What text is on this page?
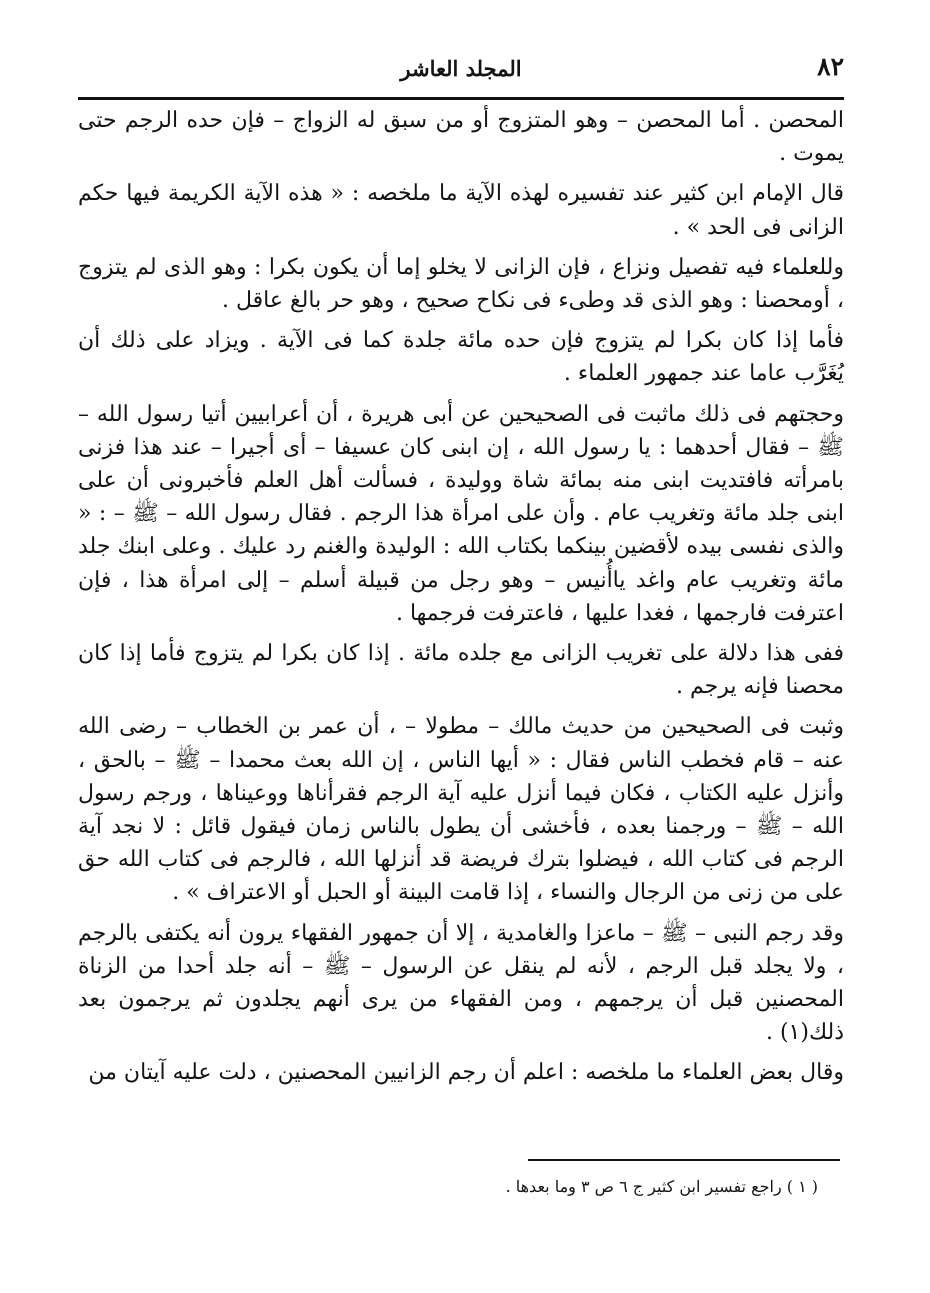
٨٢
المجلد العاشر

المحصن . أما المحصن – وهو المتزوج أو من سبق له الزواج – فإن حده الرجم حتى يموت .

قال الإمام ابن كثير عند تفسيره لهذه الآية ما ملخصه : « هذه الآية الكريمة فيها حكم الزانى فى الحد » .

وللعلماء فيه تفصيل ونزاع ، فإن الزانى لا يخلو إما أن يكون بكرا : وهو الذى لم يتزوج ، أومحصنا : وهو الذى قد وطىء فى نكاح صحيح ، وهو حر بالغ عاقل .

فأما إذا كان بكرا لم يتزوج فإن حده مائة جلدة كما فى الآية . ويزاد على ذلك أن يُغَرَّب عاما عند جمهور العلماء .

وحجتهم فى ذلك ماثبت فى الصحيحين عن أبى هريرة ، أن أعرابيين أتيا رسول الله – ﷺ – فقال أحدهما : يا رسول الله ، إن ابنى كان عسيفا – أى أجيرا – عند هذا فزنى بامرأته فافتديت ابنى منه بمائة شاة ووليدة ، فسألت أهل العلم فأخبرونى أن على ابنى جلد مائة وتغريب عام . وأن على امرأة هذا الرجم . فقال رسول الله – ﷺ – : « والذى نفسى بيده لأقضين بينكما بكتاب الله : الوليدة والغنم رد عليك . وعلى ابنك جلد مائة وتغريب عام واغد ياأُنيس – وهو رجل من قبيلة أسلم – إلى امرأة هذا ، فإن اعترفت فارجمها ، فغدا عليها ، فاعترفت فرجمها .

ففى هذا دلالة على تغريب الزانى مع جلده مائة . إذا كان بكرا لم يتزوج فأما إذا كان محصنا فإنه يرجم .

وثبت فى الصحيحين من حديث مالك – مطولا – ، أن عمر بن الخطاب – رضى الله عنه – قام فخطب الناس فقال : « أيها الناس ، إن الله بعث محمدا – ﷺ – بالحق ، وأنزل عليه الكتاب ، فكان فيما أنزل عليه آية الرجم فقرأناها ووعيناها ، ورجم رسول الله – ﷺ – ورجمنا بعده ، فأخشى أن يطول بالناس زمان فيقول قائل : لا نجد آية الرجم فى كتاب الله ، فيضلوا بترك فريضة قد أنزلها الله ، فالرجم فى كتاب الله حق على من زنى من الرجال والنساء ، إذا قامت البينة أو الحبل أو الاعتراف » .

وقد رجم النبى – ﷺ – ماعزا والغامدية ، إلا أن جمهور الفقهاء يرون أنه يكتفى بالرجم ، ولا يجلد قبل الرجم ، لأنه لم ينقل عن الرسول – ﷺ – أنه جلد أحدا من الزناة المحصنين قبل أن يرجمهم ، ومن الفقهاء من يرى أنهم يجلدون ثم يرجمون بعد ذلك(١) .

وقال بعض العلماء ما ملخصه : اعلم أن رجم الزانيين المحصنين ، دلت عليه آيتان من

( ١ ) راجع تفسير ابن كثير ج ٦ ص ٣ وما بعدها .
